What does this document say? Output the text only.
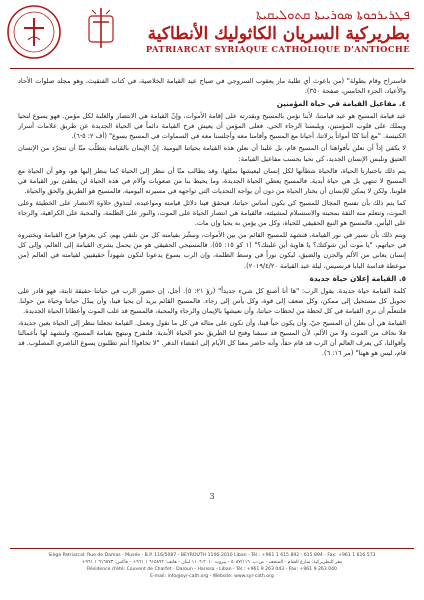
ܦܛܪܝܪܟܘܬܐ ܣܘܪܝܝܬܐ ܩܬܘܠܝܩܝܬܐ
بطريركية السريان الكاثوليك الأنطاكية
PATRIARCAT SYRIAQUE CATHOLIQUE D'ANTIOCHE

فاستراح وقام بطولة" (من باعوث أي طلبة مار يعقوب السروجي في صباح عيد القيامة الخلاصية، في كتاب الفنقيث، وهو مجلد صلوات الأحاد والأعياد، الجزء الخامس، صفحة ٣٥٠).

٤. مفاعيل القيامة في حياة المؤمنين

عيد قيامة المسيح هو عيد قيامتنا، لأننا نؤمن بالمسيح وبقدرته على إقامة الأموات، وإنّ القيامة هي الانتصار والغلبة لكل مؤمن. فهو يسوع لنحيا ويملك على قلوب المؤمنين، ويلبسنا الرجاء الحي. فعلى المؤمن أن يعيش فرح القيامة دائماً في الحياة الجديدة عن طريق علامات أسرار الكنيسة. "مع أننا كنّا أمواتاً بزلاتنا، أحيانا مع المسيح وأقامنا معه وأجلسنا معه في السماوات في المسيح يسوع" (أف ٢: ٥-٦).

لا يكفي إذاً أن نعلن بأفواهنا أن المسيح قام، بل علينا أن نعلن هذه القيامة بحياتنا اليومية. إنّ الإيمان بالقيامة يتطلّب منّا أن نتجرّد من الإنسان العتيق ونلبس الإنسان الجديد، كي نحيا بحسب مفاعيل القيامة:

يتم ذلك باختبارنا الحياة، فالحياة شطآنها لكل إنسان ليعيشها بملئها، وقد يطالب منّا أن ننظر إلى الحياة كما ينظر إليها هو، وهو أن الحياة مع المسيح لا تنتهي بل هي حياة أبدية. فالمسيح يعطي الحياة الجديدة، وما يحيط بنا من صعوبات وآلام في هذه الحياة لن يطفئ نور القيامة في قلوبنا. ولكن لا يمكن للإنسان أن يختار الحياة من دون أن يواجه التحديات التي تواجهه في مسيرته اليومية، فالمسيح هو الطريق والحق والحياة.

كما يتم ذلك بأن نفسح المجال للمسيح كي يكون أساس حياتنا، فيحقق فينا دلائل قيامته ومواعيده، لنتذوق حلاوة الانتصار على الخطيئة وعلى الموت، ونتعلم منه الثقة بمحبته والاستسلام لمشيئته، فالقيامة هي انتصار الحياة على الموت، والنور على الظلمة، والمحبة على الكراهية، والرجاء على اليأس. فالمسيح هو النبع الحقيقي للحياة، وكل من يؤمن به يحيا وإن مات.

ويتم ذلك بأن نسير في نور القيامة، فنشهد للمسيح القائم من بين الأموات، ونبشّر بقيامته كل من نلتقي بهم، كي يعرفوا فرح القيامة ويختبروه في حياتهم، "يا موت أين شوكتك؟ يا هاوية أين غلبتك؟" (١ كو ١٥: ٥٥). فالمسيحي الحقيقي هو من يحمل بشرى القيامة إلى العالم، وإلى كل إنسان يعاني من الألم والحزن والضيق، ليكون نوراً في وسط الظلمة، وإن الرب يسوع يدعونا لنكون شهوداً حقيقيين لقيامته في العالم (من موعظة قداسة البابا فرنسيس، ليلة عيد القيامة ٢٠١٩/٤/٢٠).

٥. القيامة إعلان حياة جديدة

كلمة القيامة حياة جديدة. يقول الرب: "ها أنا أصنع كل شيء جديداً" (رؤ ٢١: ٥). أجل، إن حضور الرب في حياتنا حقيقة ثابتة، فهو قادر على تحويل كل مستحيل إلى ممكن، وكل ضعف إلى قوة، وكل يأس إلى رجاء. فالمسيح القائم يريد أن يحيا فينا، وأن يبدّل حياتنا وحياة من حولنا. فلنتعلّم أن نرى القيامة في كل لحظة من لحظات حياتنا، وأن نعيشها بالإيمان والرجاء والمحبة، فالمسيح قد غلب الموت وأعطانا الحياة الجديدة.

القيامة هي أن نعلن أن المسيح حيّ، وأن يكون حياً فينا، وأن نكون على مثاله في كل ما نقول ونعمل. القيامة تجعلنا ننظر إلى الحياة بعين جديدة، فلا نخاف من الموت ولا من الألم، لأن المسيح قد سبقنا وفتح لنا الطريق نحو الحياة الأبدية. فلنفرح ونبتهج بقيامة المسيح، ولنشهد لها بأعمالنا وأقوالنا، كي يعرف العالم أن الرب قد قام حقاً، وأنه حاضر معنا كل الأيام إلى انقضاء الدهر. "لا تخافوا! أنتم تطلبون يسوع الناصري المصلوب. قد قام، ليس هو ههنا" (مر ١٦: ٦).

3
Siège Patriarcal: Rue de Damas - Musée - B.P. 116/5087 - BEYROUTH 1106-2010 Liban - Tél.: +961 1 615 892 - 615 894 - Fax: +961 1 616 573
مقر البطريركية: شارع الشام - المتحف - ص.ب. ٥٠٨٧/١١٦ - بيروت ٢٠١٠-١١٠٦ لبنان - هاتف: ٦١٥٨٩٢ ١ ٩٦١+ - فاكس: ٦١٦٥٧٣ ١ ٩٦١+
Résidence d'été: Couvent de Charfet - Daroun - Harissa - Liban - Tél.: +961 9 263 043 - Fax: +961 9 263 040
E-mail: info@syr-cath.org - Website: www.syr-cath.org
